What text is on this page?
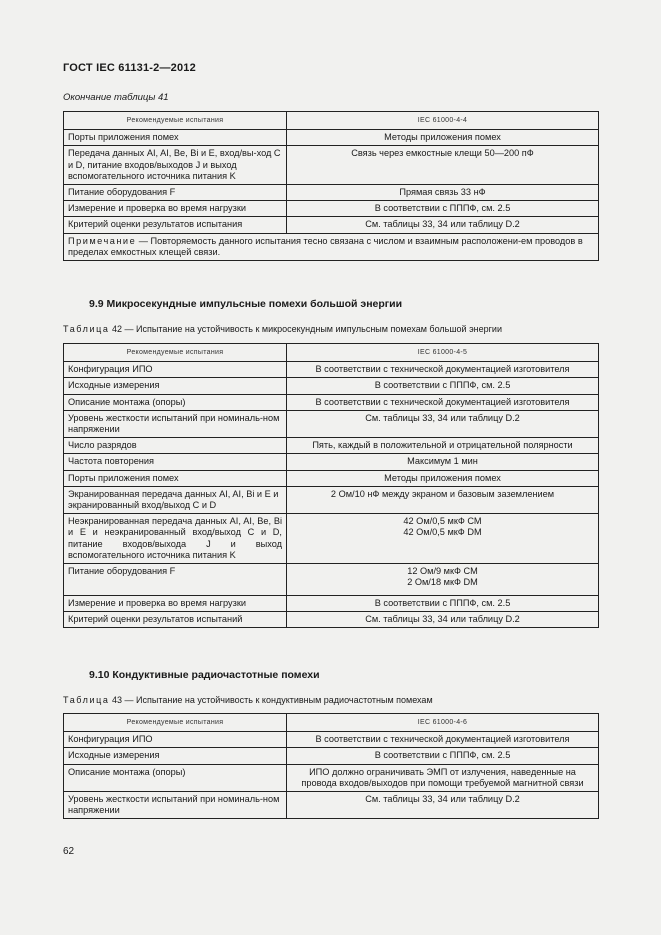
ГОСТ IEC 61131-2—2012
Окончание таблицы 41
Рекомендуемые испытания	IEC 61000-4-4
Порты приложения помех	Методы приложения помех
Передача данных AI, AI, Be, Bi и E, вход/вы-ход C и D, питание входов/выходов J и выход вспомогательного источника питания K	Связь через емкостные клещи 50—200 пФ
Питание оборудования F	Прямая связь 33 нФ
Измерение и проверка во время нагрузки	В соответствии с ПППФ, см. 2.5
Критерий оценки результатов испытания	См. таблицы 33, 34 или таблицу D.2
Примечание — Повторяемость данного испытания тесно связана с числом и взаимным расположени-ем проводов в пределах емкостных клещей связи.	
9.9 Микросекундные импульсные помехи большой энергии
Таблица 42 — Испытание на устойчивость к микросекундным импульсным помехам большой энергии
Рекомендуемые испытания	IEC 61000-4-5
Конфигурация ИПО	В соответствии с технической документацией изготовителя
Исходные измерения	В соответствии с ПППФ, см. 2.5
Описание монтажа (опоры)	В соответствии с технической документацией изготовителя
Уровень жесткости испытаний при номиналь-ном напряжении	См. таблицы 33, 34 или таблицу D.2
Число разрядов	Пять, каждый в положительной и отрицательной полярности
Частота повторения	Максимум 1 мин
Порты приложения помех	Методы приложения помех
Экранированная передача данных AI, AI, Bi и E и экранированный вход/выход C и D	2 Ом/10 нФ между экраном и базовым заземлением
Неэкранированная передача данных AI, AI, Be, Bi и E и неэкранированный вход/выход C и D, питание входов/выхода J и выход вспомогательного источника питания K	42 Ом/0,5 мкФ СМ
42 Ом/0,5 мкФ DM
Питание оборудования F	12 Ом/9 мкФ СМ
2 Ом/18 мкФ DM
Измерение и проверка во время нагрузки	В соответствии с ПППФ, см. 2.5
Критерий оценки результатов испытаний	См. таблицы 33, 34 или таблицу D.2
9.10 Кондуктивные радиочастотные помехи
Таблица 43 — Испытание на устойчивость к кондуктивным радиочастотным помехам
Рекомендуемые испытания	IEC 61000-4-6
Конфигурация ИПО	В соответствии с технической документацией изготовителя
Исходные измерения	В соответствии с ПППФ, см. 2.5
Описание монтажа (опоры)	ИПО должно ограничивать ЭМП от излучения, наведенные на провода входов/выходов при помощи требуемой магнитной связи
Уровень жесткости испытаний при номиналь-ном напряжении	См. таблицы 33, 34 или таблицу D.2
62
